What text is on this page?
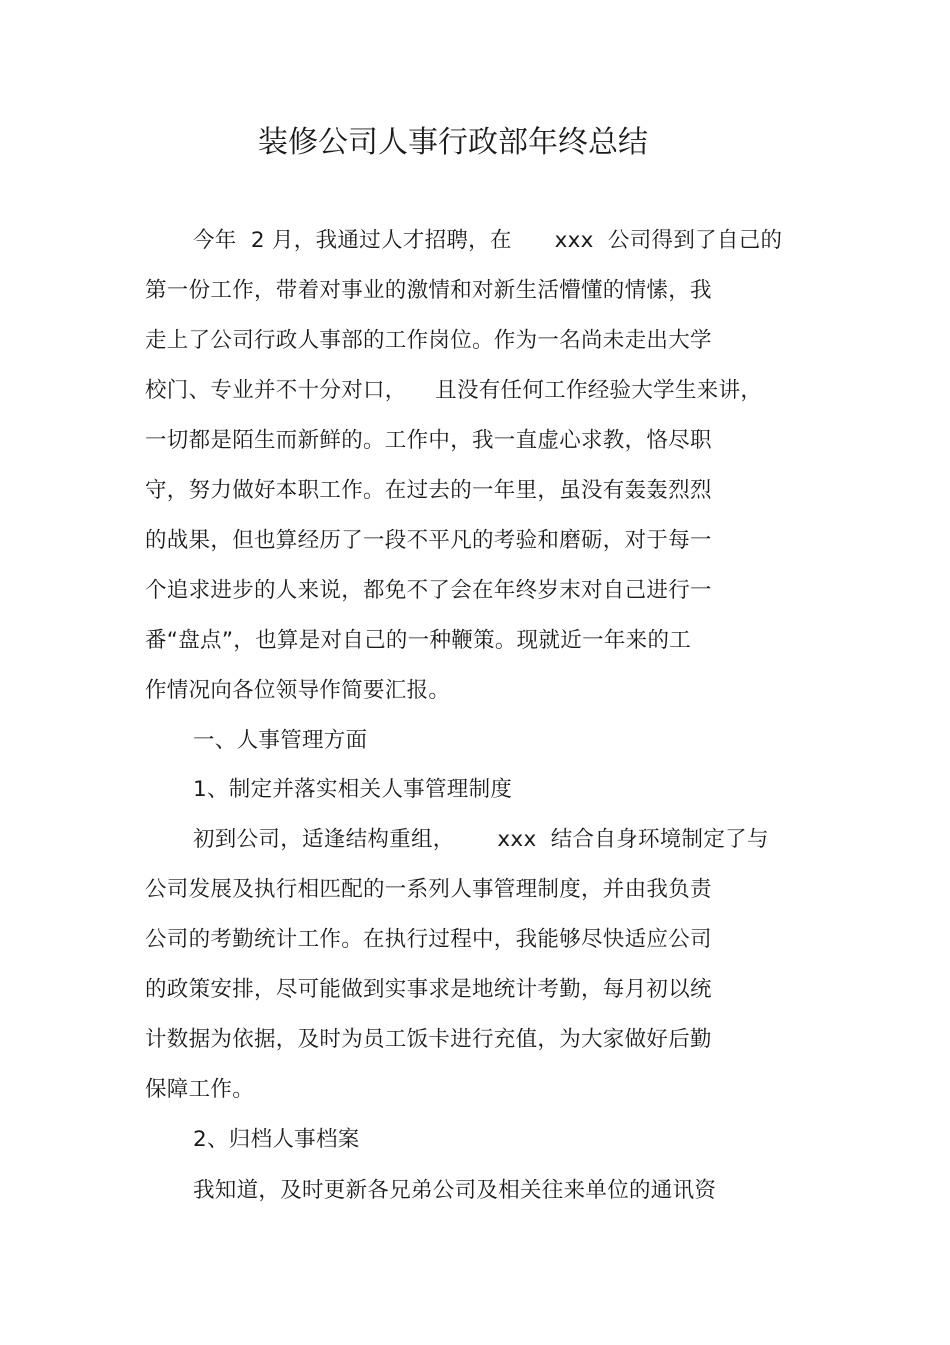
装修公司人事行政部年终总结
今年  2 月，我通过人才招聘，在      xxx  公司得到了自己的
第一份工作，带着对事业的激情和对新生活懵懂的情愫，我
走上了公司行政人事部的工作岗位。作为一名尚未走出大学
校门、专业并不十分对口，    且没有任何工作经验大学生来讲，
一切都是陌生而新鲜的。工作中，我一直虚心求教，恪尽职
守，努力做好本职工作。在过去的一年里，虽没有轰轰烈烈
的战果，但也算经历了一段不平凡的考验和磨砺，对于每一
个追求进步的人来说，都免不了会在年终岁末对自己进行一
番“盘点”，也算是对自己的一种鞭策。现就近一年来的工
作情况向各位领导作简要汇报。
一、人事管理方面
1、制定并落实相关人事管理制度
初到公司，适逢结构重组，      xxx  结合自身环境制定了与
公司发展及执行相匹配的一系列人事管理制度，并由我负责
公司的考勤统计工作。在执行过程中，我能够尽快适应公司
的政策安排，尽可能做到实事求是地统计考勤，每月初以统
计数据为依据，及时为员工饭卡进行充值，为大家做好后勤
保障工作。
2、归档人事档案
我知道，及时更新各兄弟公司及相关往来单位的通讯资
